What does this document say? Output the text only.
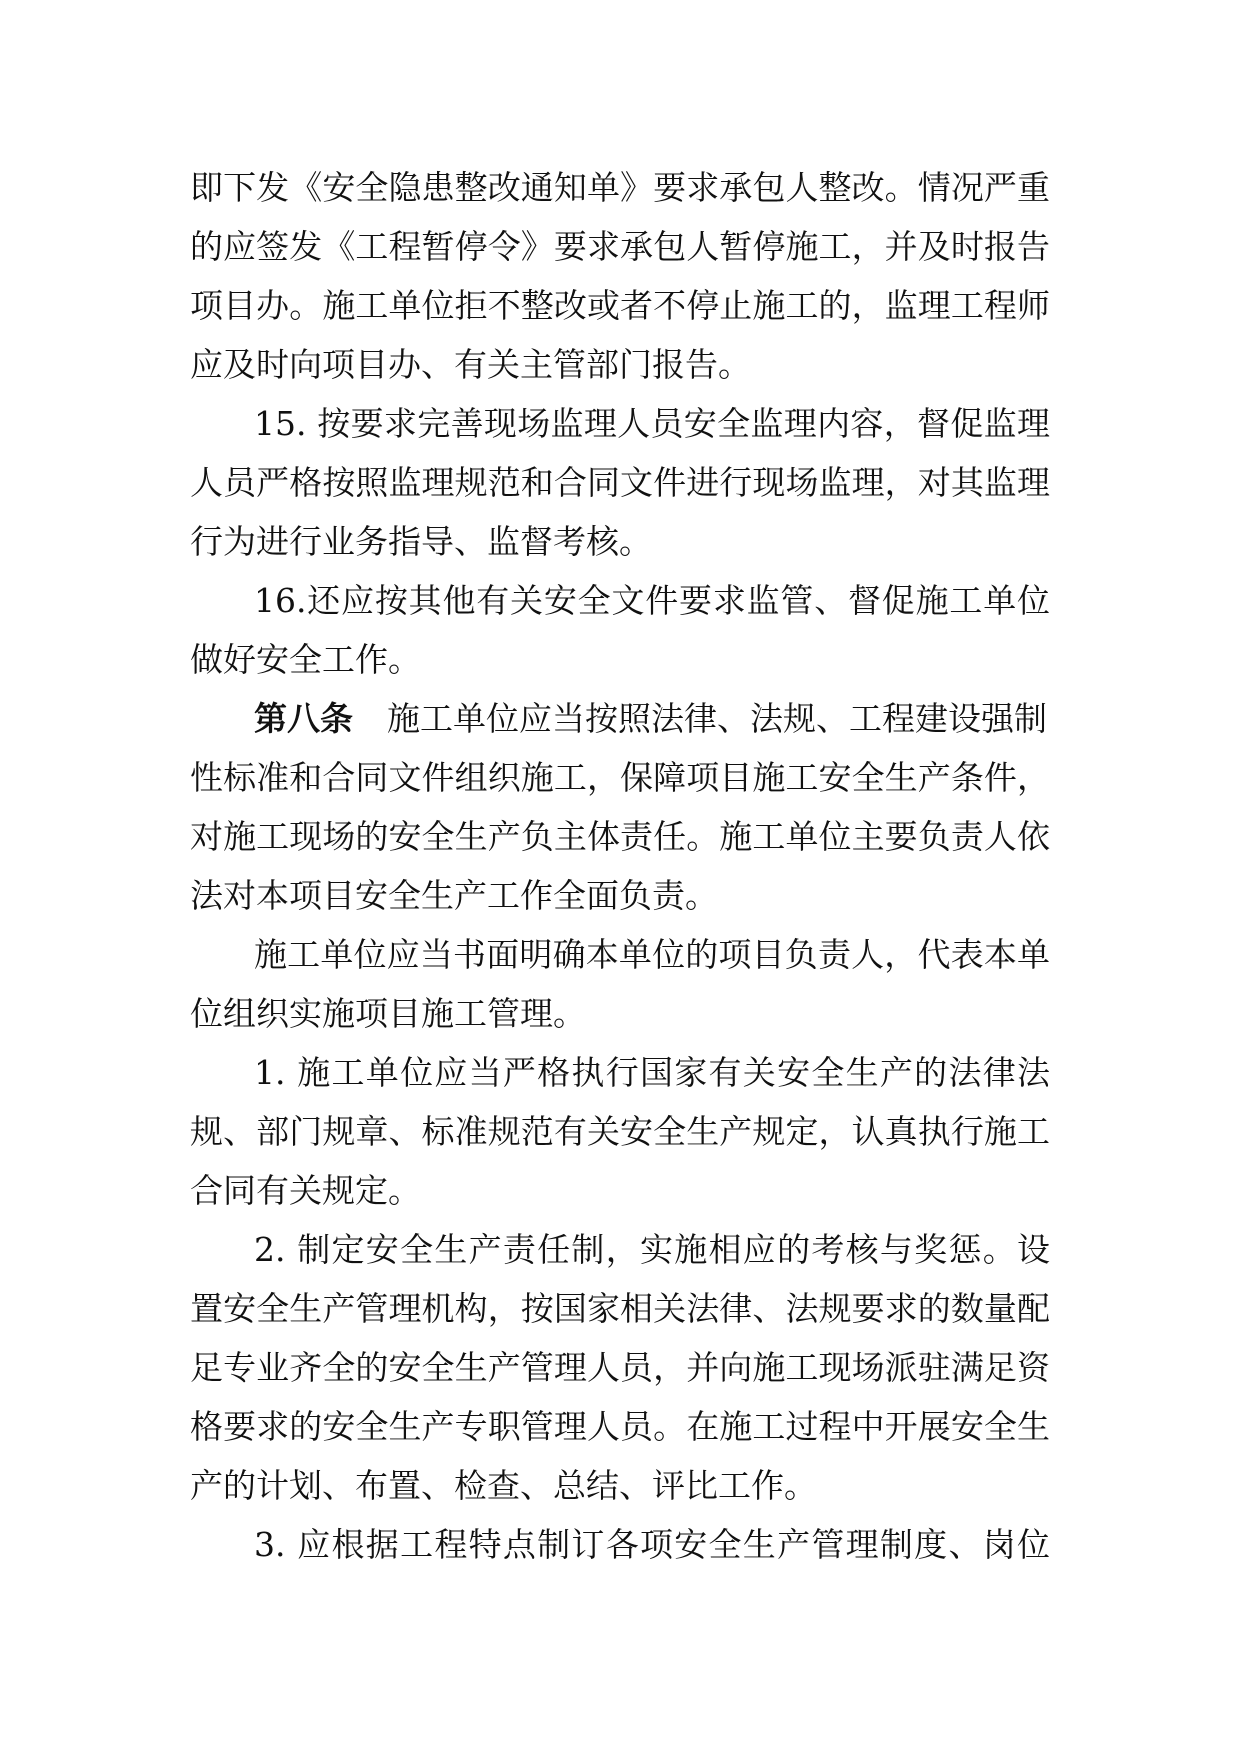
即下发《安全隐患整改通知单》要求承包人整改。情况严重
的应签发《工程暂停令》要求承包人暂停施工，并及时报告
项目办。施工单位拒不整改或者不停止施工的，监理工程师
应及时向项目办、有关主管部门报告。
15. 按要求完善现场监理人员安全监理内容，督促监理
人员严格按照监理规范和合同文件进行现场监理，对其监理
行为进行业务指导、监督考核。
16.还应按其他有关安全文件要求监管、督促施工单位
做好安全工作。
第八条 施工单位应当按照法律、法规、工程建设强制
性标准和合同文件组织施工，保障项目施工安全生产条件，
对施工现场的安全生产负主体责任。施工单位主要负责人依
法对本项目安全生产工作全面负责。
施工单位应当书面明确本单位的项目负责人，代表本单
位组织实施项目施工管理。
1. 施工单位应当严格执行国家有关安全生产的法律法
规、部门规章、标准规范有关安全生产规定，认真执行施工
合同有关规定。
2. 制定安全生产责任制，实施相应的考核与奖惩。设
置安全生产管理机构，按国家相关法律、法规要求的数量配
足专业齐全的安全生产管理人员，并向施工现场派驻满足资
格要求的安全生产专职管理人员。在施工过程中开展安全生
产的计划、布置、检查、总结、评比工作。
3. 应根据工程特点制订各项安全生产管理制度、岗位
